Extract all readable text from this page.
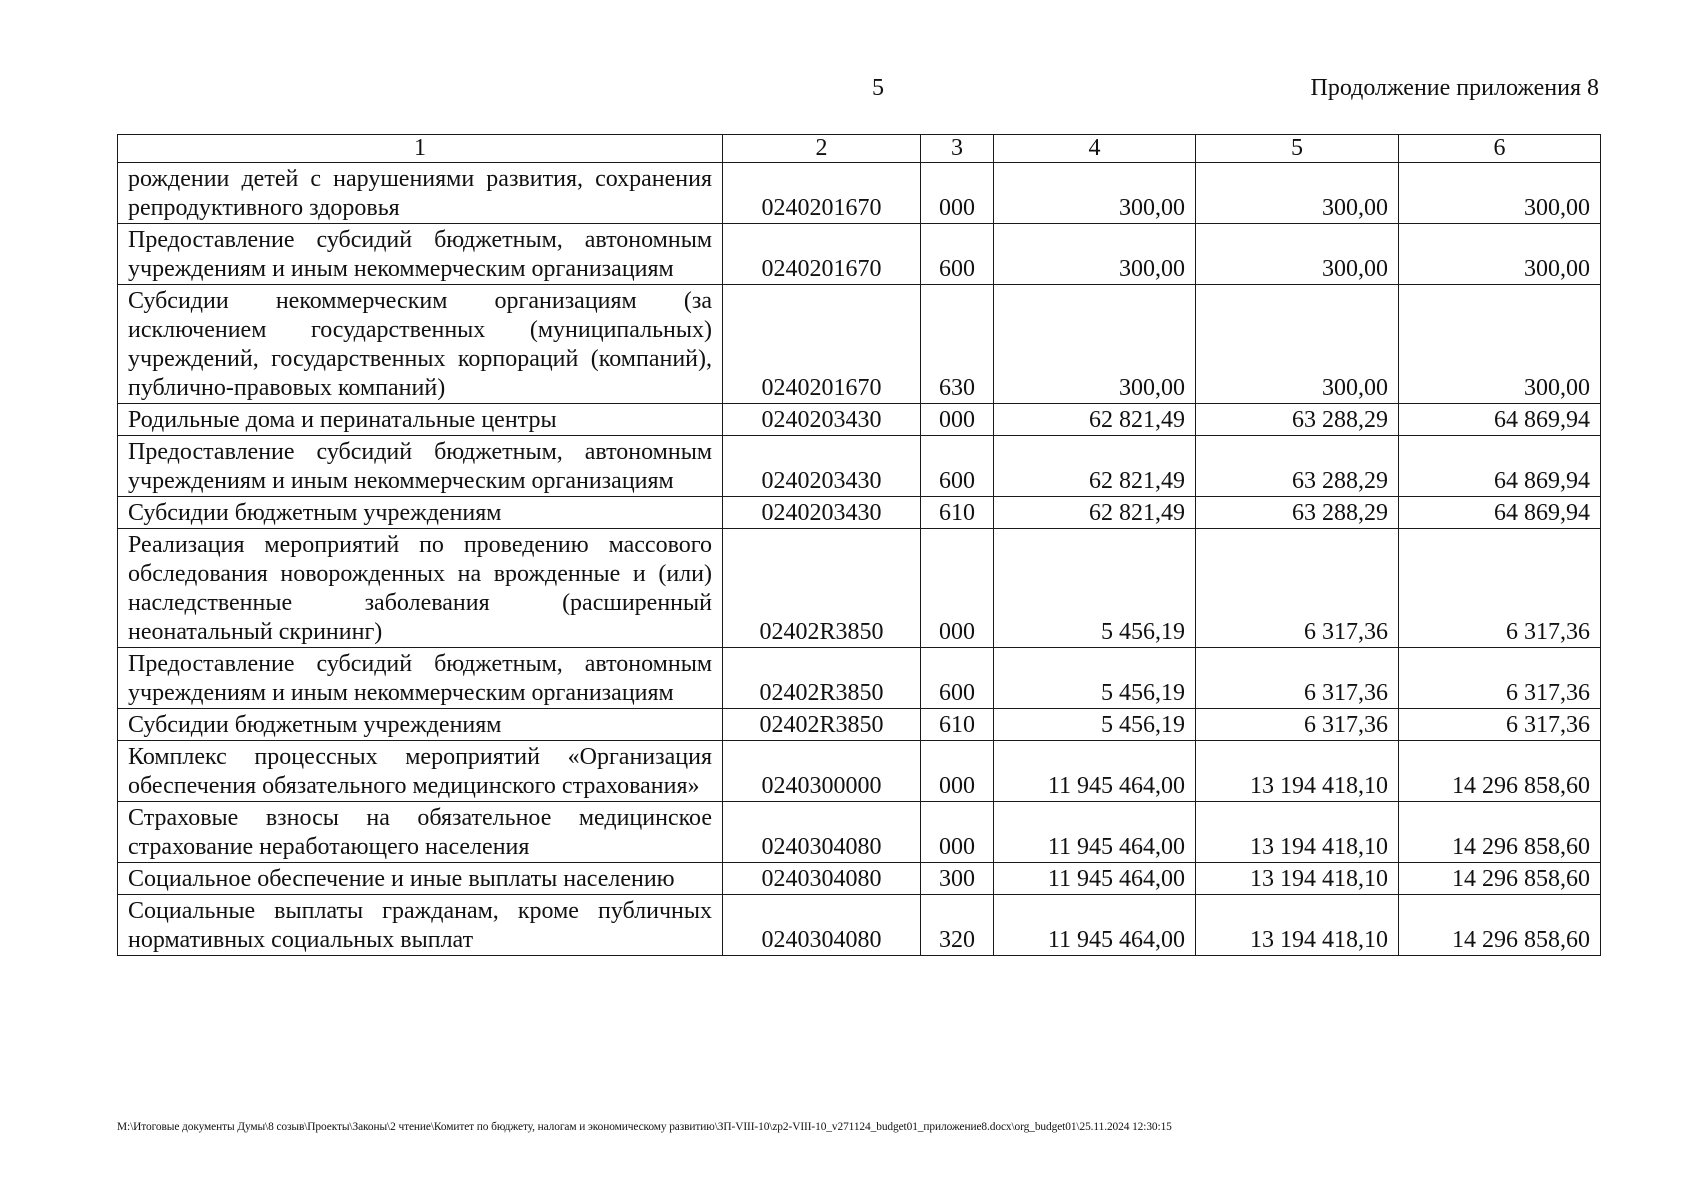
5	Продолжение приложения 8
1	2	3	4	5	6
рождении детей с нарушениями развития, сохранения репродуктивного здоровья	0240201670	000	300,00	300,00	300,00
Предоставление субсидий бюджетным, автономным учреждениям и иным некоммерческим организациям	0240201670	600	300,00	300,00	300,00
Субсидии некоммерческим организациям (за исключением государственных (муниципальных) учреждений, государственных корпораций (компаний), публично-правовых компаний)	0240201670	630	300,00	300,00	300,00
Родильные дома и перинатальные центры	0240203430	000	62 821,49	63 288,29	64 869,94
Предоставление субсидий бюджетным, автономным учреждениям и иным некоммерческим организациям	0240203430	600	62 821,49	63 288,29	64 869,94
Субсидии бюджетным учреждениям	0240203430	610	62 821,49	63 288,29	64 869,94
Реализация мероприятий по проведению массового обследования новорожденных на врожденные и (или) наследственные заболевания (расширенный неонатальный скрининг)	02402R3850	000	5 456,19	6 317,36	6 317,36
Предоставление субсидий бюджетным, автономным учреждениям и иным некоммерческим организациям	02402R3850	600	5 456,19	6 317,36	6 317,36
Субсидии бюджетным учреждениям	02402R3850	610	5 456,19	6 317,36	6 317,36
Комплекс процессных мероприятий «Организация обеспечения обязательного медицинского страхования»	0240300000	000	11 945 464,00	13 194 418,10	14 296 858,60
Страховые взносы на обязательное медицинское страхование неработающего населения	0240304080	000	11 945 464,00	13 194 418,10	14 296 858,60
Социальное обеспечение и иные выплаты населению	0240304080	300	11 945 464,00	13 194 418,10	14 296 858,60
Социальные выплаты гражданам, кроме публичных нормативных социальных выплат	0240304080	320	11 945 464,00	13 194 418,10	14 296 858,60
M:\Итоговые документы Думы\8 созыв\Проекты\Законы\2 чтение\Комитет по бюджету, налогам и экономическому развитию\ЗП-VIII-10\zp2-VIII-10_v271124_budget01_приложение8.docx\org_budget01\25.11.2024 12:30:15
